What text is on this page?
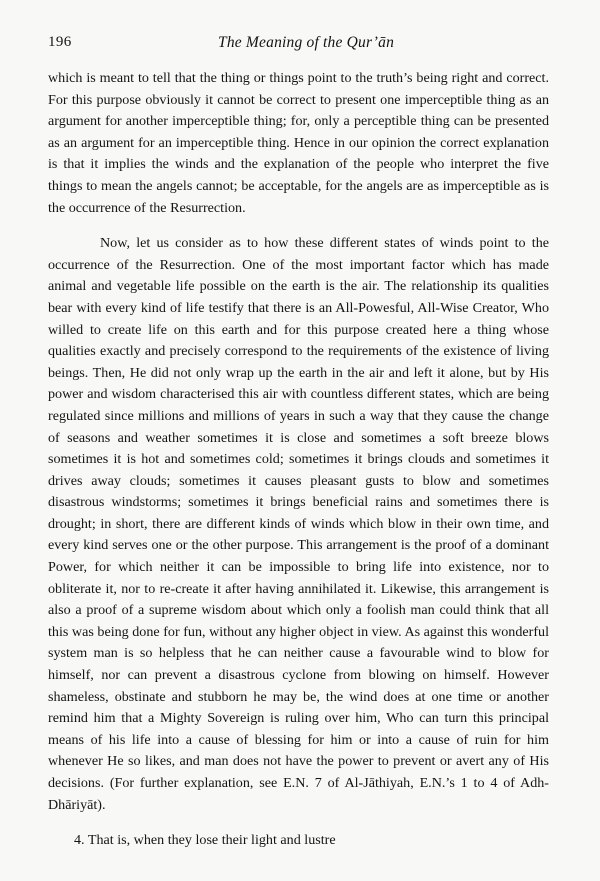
196	The Meaning of the Qur’ān

which is meant to tell that the thing or things point to the truth’s being right and correct. For this purpose obviously it cannot be correct to present one imperceptible thing as an argument for another imperceptible thing; for, only a perceptible thing can be presented as an argument for an imperceptible thing. Hence in our opinion the correct explanation is that it implies the winds and the explanation of the people who interpret the five things to mean the angels cannot; be acceptable, for the angels are as imperceptible as is the occurrence of the Resurrection.

Now, let us consider as to how these different states of winds point to the occurrence of the Resurrection. One of the most important factor which has made animal and vegetable life possible on the earth is the air. The relationship its qualities bear with every kind of life testify that there is an All-Powesful, All-Wise Creator, Who willed to create life on this earth and for this purpose created here a thing whose qualities exactly and precisely correspond to the requirements of the existence of living beings. Then, He did not only wrap up the earth in the air and left it alone, but by His power and wisdom characterised this air with countless different states, which are being regulated since millions and millions of years in such a way that they cause the change of seasons and weather sometimes it is close and sometimes a soft breeze blows sometimes it is hot and sometimes cold; sometimes it brings clouds and sometimes it drives away clouds; sometimes it causes pleasant gusts to blow and sometimes disastrous windstorms; sometimes it brings beneficial rains and sometimes there is drought; in short, there are different kinds of winds which blow in their own time, and every kind serves one or the other purpose. This arrangement is the proof of a dominant Power, for which neither it can be impossible to bring life into existence, nor to obliterate it, nor to re-create it after having annihilated it. Likewise, this arrangement is also a proof of a supreme wisdom about which only a foolish man could think that all this was being done for fun, without any higher object in view. As against this wonderful system man is so helpless that he can neither cause a favourable wind to blow for himself, nor can prevent a disastrous cyclone from blowing on himself. However shameless, obstinate and stubborn he may be, the wind does at one time or another remind him that a Mighty Sovereign is ruling over him, Who can turn this principal means of his life into a cause of blessing for him or into a cause of ruin for him whenever He so likes, and man does not have the power to prevent or avert any of His decisions. (For further explanation, see E.N. 7 of Al-Jāthiyah, E.N.’s 1 to 4 of Adh-Dhāriyāt).

4. That is, when they lose their light and lustre
